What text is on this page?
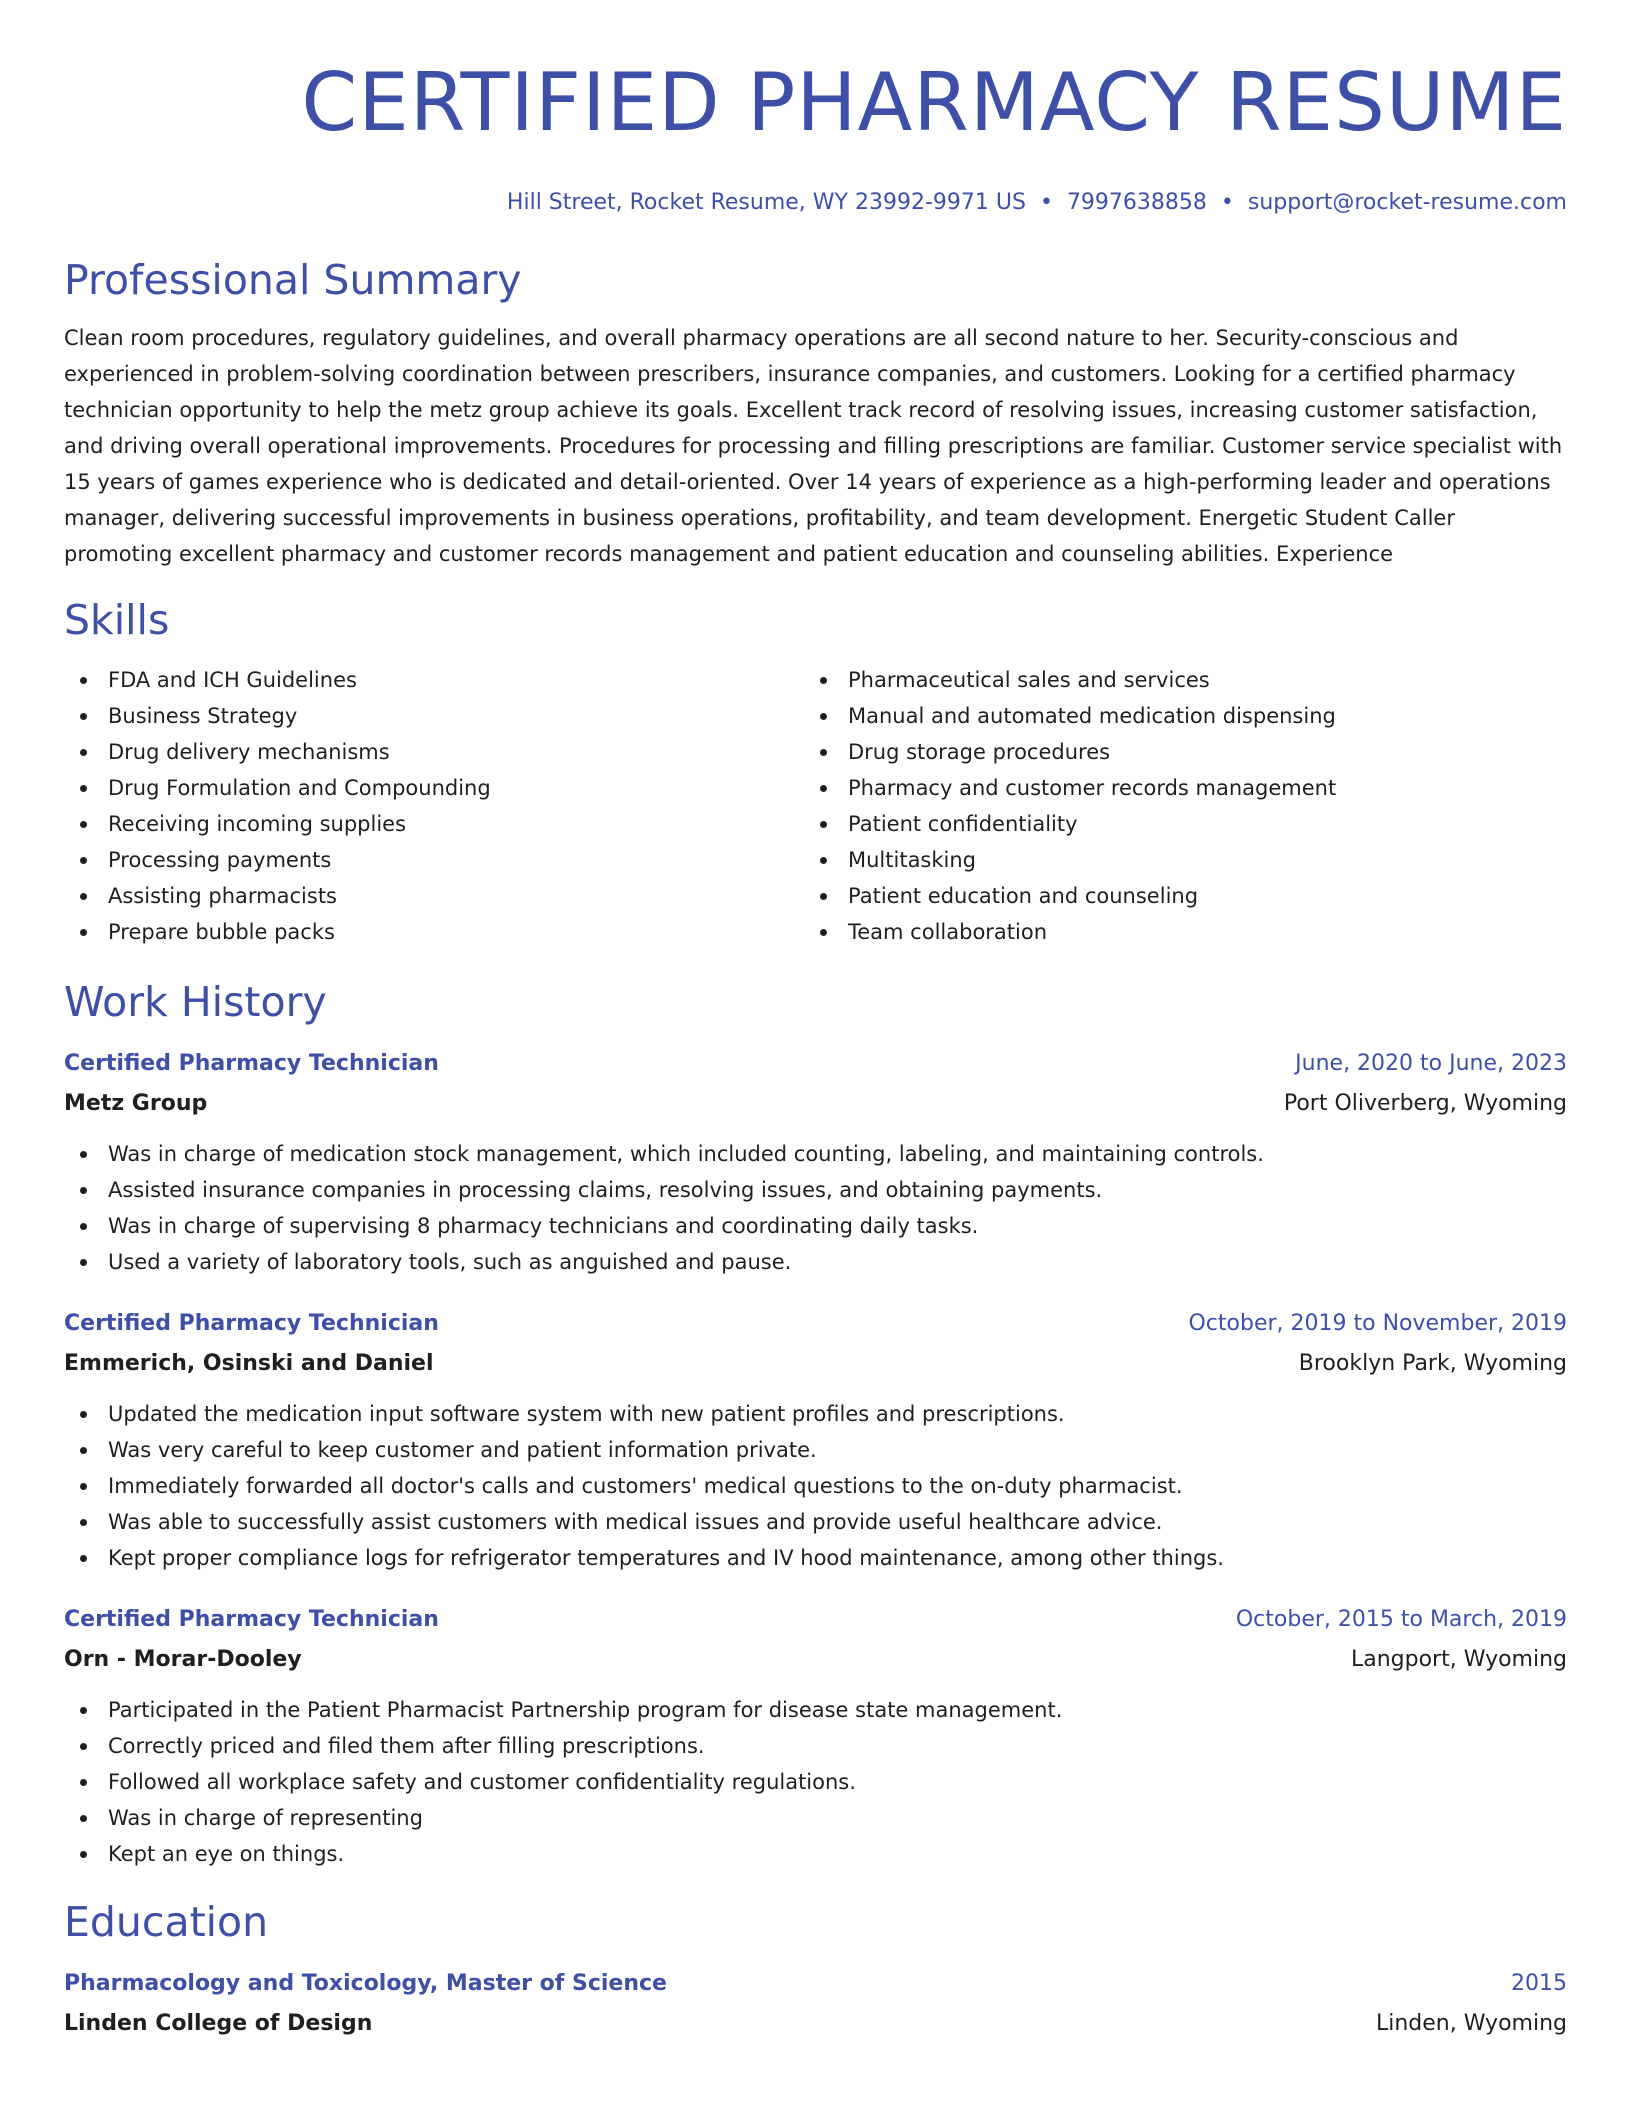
CERTIFIED PHARMACY RESUME
Hill Street, Rocket Resume, WY 23992-9971 US • 7997638858 • support@rocket-resume.com
Professional Summary
Clean room procedures, regulatory guidelines, and overall pharmacy operations are all second nature to her. Security-conscious and experienced in problem-solving coordination between prescribers, insurance companies, and customers. Looking for a certified pharmacy technician opportunity to help the metz group achieve its goals. Excellent track record of resolving issues, increasing customer satisfaction, and driving overall operational improvements. Procedures for processing and filling prescriptions are familiar. Customer service specialist with 15 years of games experience who is dedicated and detail-oriented. Over 14 years of experience as a high-performing leader and operations manager, delivering successful improvements in business operations, profitability, and team development. Energetic Student Caller promoting excellent pharmacy and customer records management and patient education and counseling abilities. Experience
Skills
FDA and ICH Guidelines
Business Strategy
Drug delivery mechanisms
Drug Formulation and Compounding
Receiving incoming supplies
Processing payments
Assisting pharmacists
Prepare bubble packs
Pharmaceutical sales and services
Manual and automated medication dispensing
Drug storage procedures
Pharmacy and customer records management
Patient confidentiality
Multitasking
Patient education and counseling
Team collaboration
Work History
Certified Pharmacy Technician	June, 2020 to June, 2023
Metz Group	Port Oliverberg, Wyoming
Was in charge of medication stock management, which included counting, labeling, and maintaining controls.
Assisted insurance companies in processing claims, resolving issues, and obtaining payments.
Was in charge of supervising 8 pharmacy technicians and coordinating daily tasks.
Used a variety of laboratory tools, such as anguished and pause.
Certified Pharmacy Technician	October, 2019 to November, 2019
Emmerich, Osinski and Daniel	Brooklyn Park, Wyoming
Updated the medication input software system with new patient profiles and prescriptions.
Was very careful to keep customer and patient information private.
Immediately forwarded all doctor's calls and customers' medical questions to the on-duty pharmacist.
Was able to successfully assist customers with medical issues and provide useful healthcare advice.
Kept proper compliance logs for refrigerator temperatures and IV hood maintenance, among other things.
Certified Pharmacy Technician	October, 2015 to March, 2019
Orn - Morar-Dooley	Langport, Wyoming
Participated in the Patient Pharmacist Partnership program for disease state management.
Correctly priced and filed them after filling prescriptions.
Followed all workplace safety and customer confidentiality regulations.
Was in charge of representing
Kept an eye on things.
Education
Pharmacology and Toxicology, Master of Science	2015
Linden College of Design	Linden, Wyoming
